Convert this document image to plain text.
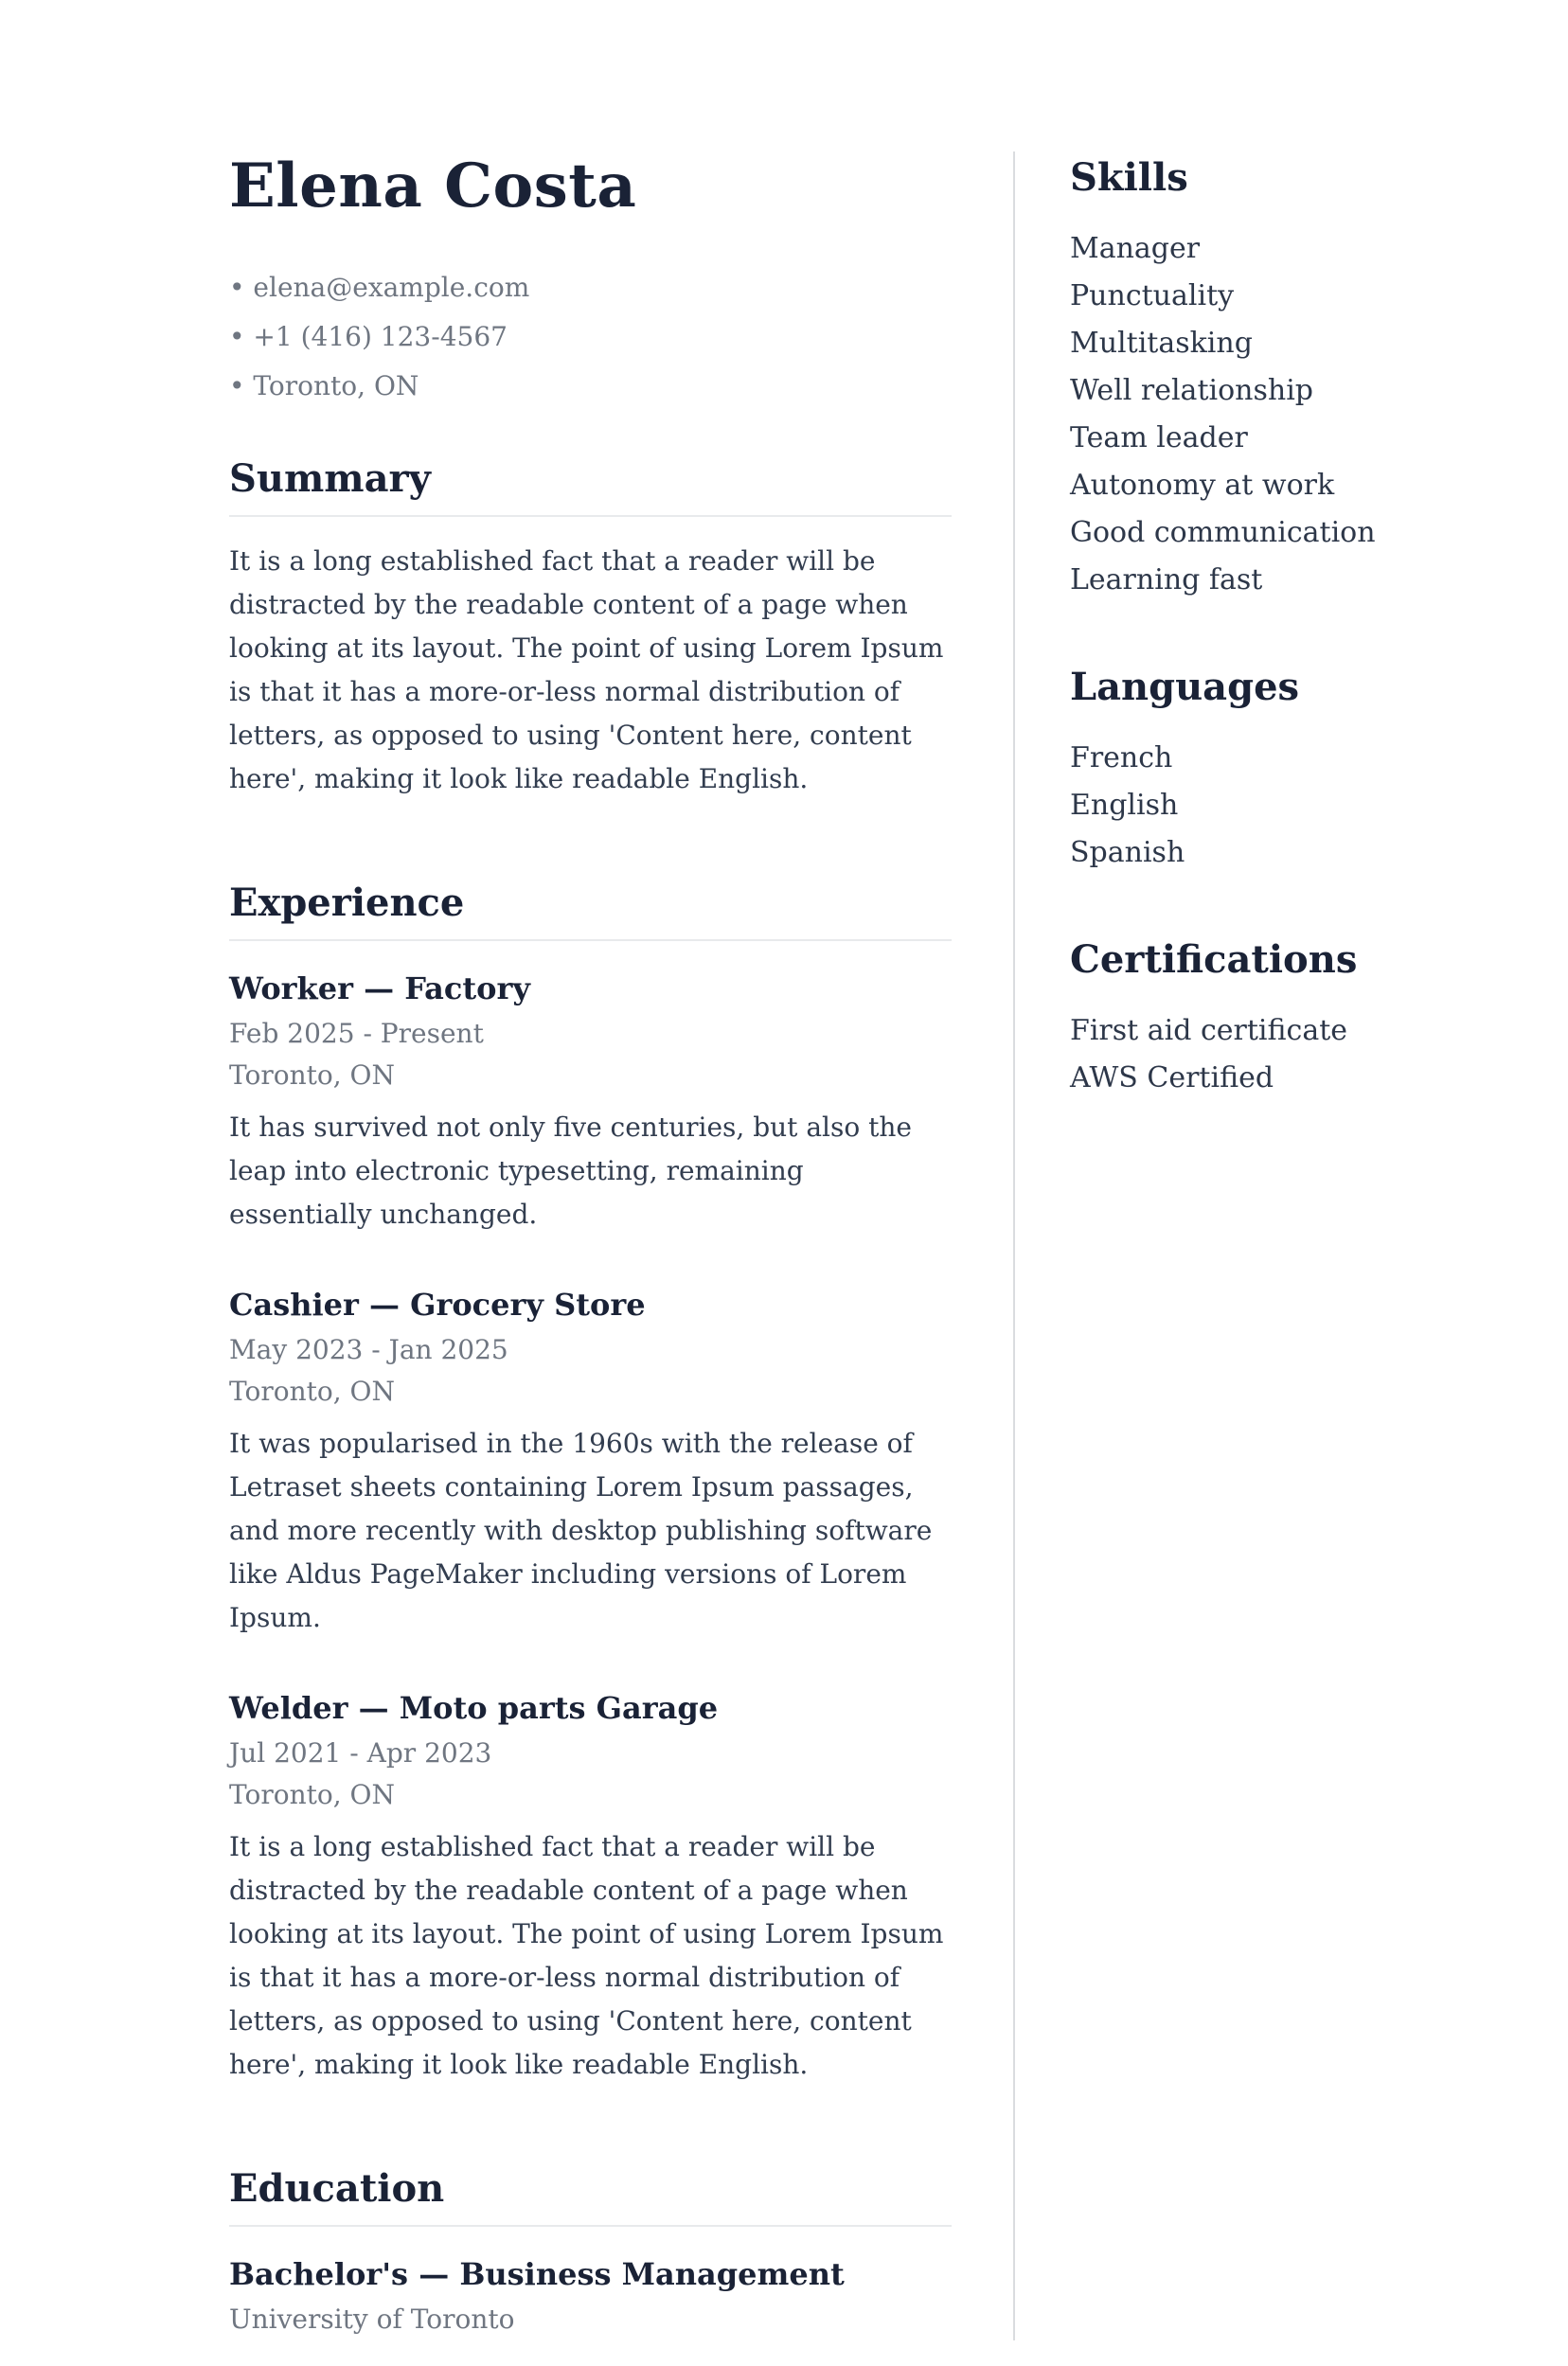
Elena Costa
• elena@example.com
• +1 (416) 123-4567
• Toronto, ON
Summary

It is a long established fact that a reader will be distracted by the readable content of a page when looking at its layout. The point of using Lorem Ipsum is that it has a more-or-less normal distribution of letters, as opposed to using 'Content here, content here', making it look like readable English.

Experience
Worker — Factory
Feb 2025 - Present
Toronto, ON

It has survived not only five centuries, but also the leap into electronic typesetting, remaining essentially unchanged.

Cashier — Grocery Store
May 2023 - Jan 2025
Toronto, ON

It was popularised in the 1960s with the release of Letraset sheets containing Lorem Ipsum passages, and more recently with desktop publishing software like Aldus PageMaker including versions of Lorem Ipsum.

Welder — Moto parts Garage
Jul 2021 - Apr 2023
Toronto, ON

It is a long established fact that a reader will be distracted by the readable content of a page when looking at its layout. The point of using Lorem Ipsum is that it has a more-or-less normal distribution of letters, as opposed to using 'Content here, content here', making it look like readable English.

Education
Bachelor's — Business Management
University of Toronto
Skills
Manager
Punctuality
Multitasking
Well relationship
Team leader
Autonomy at work
Good communication
Learning fast
Languages
French
English
Spanish
Certifications
First aid certificate
AWS Certified
